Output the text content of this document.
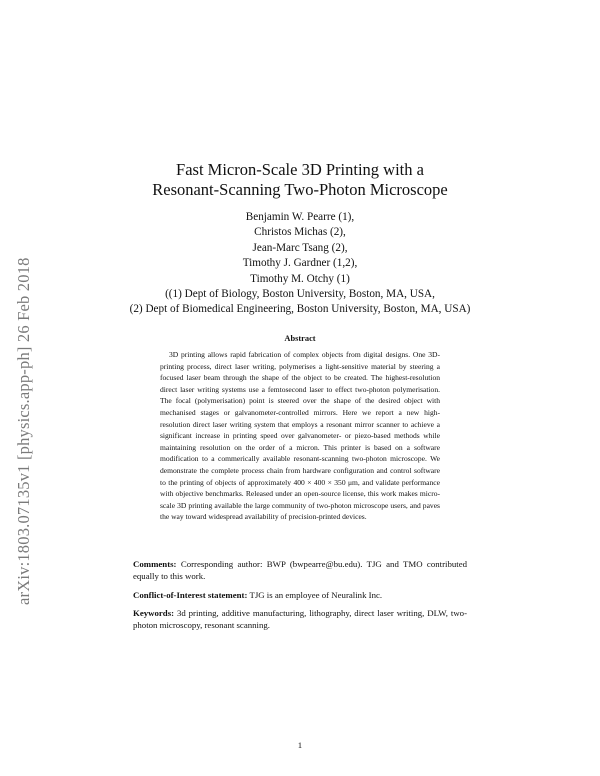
arXiv:1803.07135v1 [physics.app-ph] 26 Feb 2018
Fast Micron-Scale 3D Printing with a
Resonant-Scanning Two-Photon Microscope
Benjamin W. Pearre (1),
Christos Michas (2),
Jean-Marc Tsang (2),
Timothy J. Gardner (1,2),
Timothy M. Otchy (1)
((1) Dept of Biology, Boston University, Boston, MA, USA,
(2) Dept of Biomedical Engineering, Boston University, Boston, MA, USA)
Abstract

3D printing allows rapid fabrication of complex objects from digital designs. One 3D-printing process, direct laser writing, polymerises a light-sensitive material by steering a focused laser beam through the shape of the object to be created. The highest-resolution direct laser writing systems use a femtosecond laser to effect two-photon polymerisation. The focal (polymerisation) point is steered over the shape of the desired object with mechanised stages or galvanometer-controlled mirrors. Here we report a new high-resolution direct laser writing system that employs a resonant mirror scanner to achieve a significant increase in printing speed over galvanometer- or piezo-based methods while maintaining resolution on the order of a micron. This printer is based on a software modification to a commerically available resonant-scanning two-photon microscope. We demonstrate the complete process chain from hardware configuration and control software to the printing of objects of approximately 400 × 400 × 350 μm, and validate performance with objective benchmarks. Released under an open-source license, this work makes micro-scale 3D printing available the large community of two-photon microscope users, and paves the way toward widespread availability of precision-printed devices.

Comments: Corresponding author: BWP (bwpearre@bu.edu). TJG and TMO contributed equally to this work.

Conflict-of-Interest statement: TJG is an employee of Neuralink Inc.

Keywords: 3d printing, additive manufacturing, lithography, direct laser writing, DLW, two-photon microscopy, resonant scanning.

1
